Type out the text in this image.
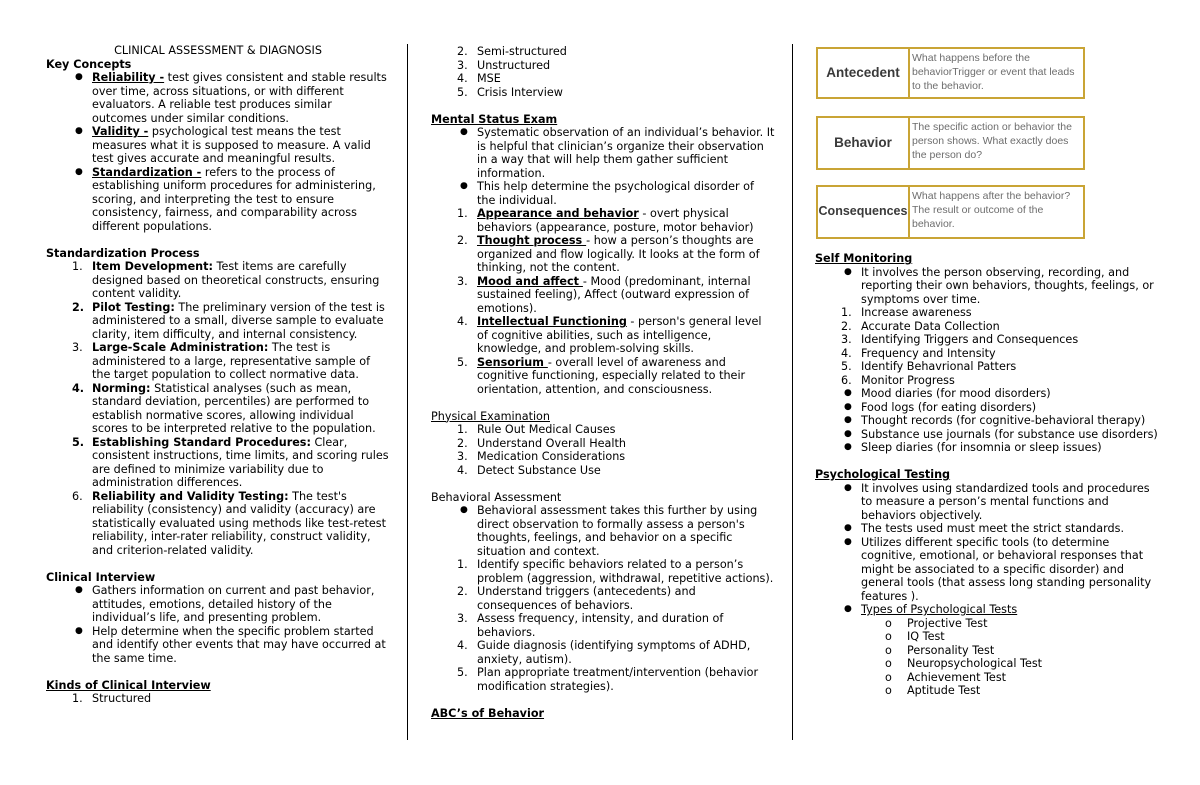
CLINICAL ASSESSMENT & DIAGNOSIS

Key Concepts

● Reliability - test gives consistent and stable results over time, across situations, or with different evaluators. A reliable test produces similar outcomes under similar conditions.
● Validity - psychological test means the test measures what it is supposed to measure. A valid test gives accurate and meaningful results.
● Standardization - refers to the process of establishing uniform procedures for administering, scoring, and interpreting the test to ensure consistency, fairness, and comparability across different populations.

Standardization Process

1. Item Development: Test items are carefully designed based on theoretical constructs, ensuring content validity.
2. Pilot Testing: The preliminary version of the test is administered to a small, diverse sample to evaluate clarity, item difficulty, and internal consistency.
3. Large-Scale Administration: The test is administered to a large, representative sample of the target population to collect normative data.
4. Norming: Statistical analyses (such as mean, standard deviation, percentiles) are performed to establish normative scores, allowing individual scores to be interpreted relative to the population.
5. Establishing Standard Procedures: Clear, consistent instructions, time limits, and scoring rules are defined to minimize variability due to administration differences.
6. Reliability and Validity Testing: The test's reliability (consistency) and validity (accuracy) are statistically evaluated using methods like test-retest reliability, inter-rater reliability, construct validity, and criterion-related validity.

Clinical Interview

● Gathers information on current and past behavior, attitudes, emotions, detailed history of the individual’s life, and presenting problem.
● Help determine when the specific problem started and identify other events that may have occurred at the same time.

Kinds of Clinical Interview

1. Structured
2. Semi-structured
3. Unstructured
4. MSE
5. Crisis Interview

Mental Status Exam

● Systematic observation of an individual’s behavior. It is helpful that clinician’s organize their observation in a way that will help them gather sufficient information.
● This help determine the psychological disorder of the individual.
1. Appearance and behavior - overt physical behaviors (appearance, posture, motor behavior)
2. Thought process - how a person’s thoughts are organized and flow logically. It looks at the form of thinking, not the content.
3. Mood and affect - Mood (predominant, internal sustained feeling), Affect (outward expression of emotions).
4. Intellectual Functioning - person's general level of cognitive abilities, such as intelligence, knowledge, and problem-solving skills.
5. Sensorium - overall level of awareness and cognitive functioning, especially related to their orientation, attention, and consciousness.

Physical Examination

1. Rule Out Medical Causes
2. Understand Overall Health
3. Medication Considerations
4. Detect Substance Use

Behavioral Assessment

● Behavioral assessment takes this further by using direct observation to formally assess a person's thoughts, feelings, and behavior on a specific situation and context.
1. Identify specific behaviors related to a person’s problem (aggression, withdrawal, repetitive actions).
2. Understand triggers (antecedents) and consequences of behaviors.
3. Assess frequency, intensity, and duration of behaviors.
4. Guide diagnosis (identifying symptoms of ADHD, anxiety, autism).
5. Plan appropriate treatment/intervention (behavior modification strategies).

ABC’s of Behavior

Antecedent
What happens before the behaviorTrigger or event that leads to the behavior.
Behavior
The specific action or behavior the person shows. What exactly does the person do?
Consequences
What happens after the behavior? The result or outcome of the behavior.

Self Monitoring

● It involves the person observing, recording, and reporting their own behaviors, thoughts, feelings, or symptoms over time.
1. Increase awareness
2. Accurate Data Collection
3. Identifying Triggers and Consequences
4. Frequency and Intensity
5. Identify Behavrional Patters
6. Monitor Progress
● Mood diaries (for mood disorders)
● Food logs (for eating disorders)
● Thought records (for cognitive-behavioral therapy)
● Substance use journals (for substance use disorders)
● Sleep diaries (for insomnia or sleep issues)

Psychological Testing

● It involves using standardized tools and procedures to measure a person’s mental functions and behaviors objectively.
● The tests used must meet the strict standards.
● Utilizes different specific tools (to determine cognitive, emotional, or behavioral responses that might be associated to a specific disorder) and general tools (that assess long standing personality features ).
● Types of Psychological Tests
o	Projective Test
o	IQ Test
o	Personality Test
o	Neuropsychological Test
o	Achievement Test
o	Aptitude Test
